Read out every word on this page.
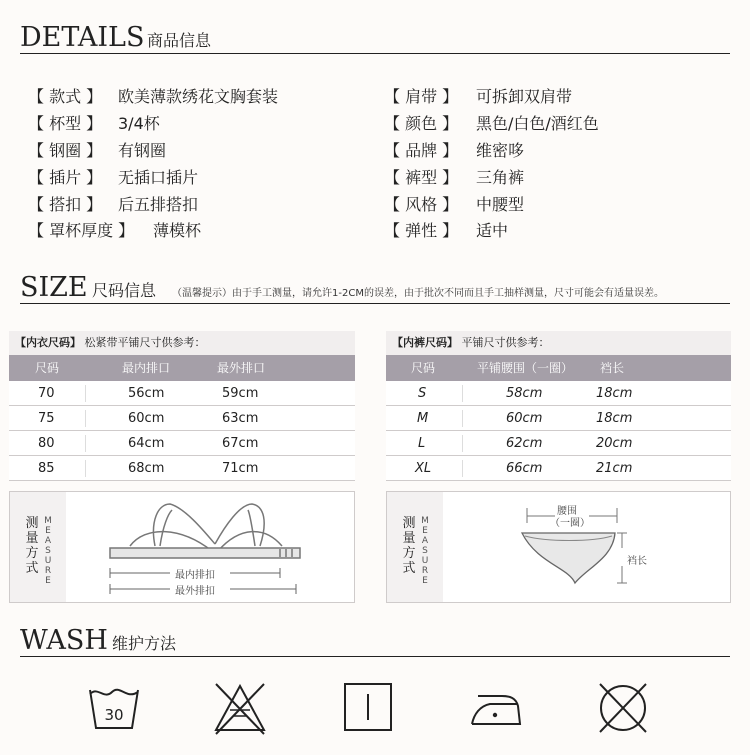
DETAILS 商品信息
【 款式 】 欧美薄款绣花文胸套装
【 杯型 】 3/4杯
【 钢圈 】 有钢圈
【 插片 】 无插口插片
【 搭扣 】 后五排搭扣
【 罩杯厚度 】 薄模杯
【 肩带 】 可拆卸双肩带
【 颜色 】 黑色/白色/酒红色
【 品牌 】 维密哆
【 裤型 】 三角裤
【 风格 】 中腰型
【 弹性 】 适中
SIZE 尺码信息 （温馨提示）由于手工测量，请允许1-2CM的误差，由于批次不同而且手工抽样测量，尺寸可能会有适量误差。
【内衣尺码】 松紧带平铺尺寸供参考：
尺码	最内排口	最外排口
70	56cm	59cm
75	60cm	63cm
80	64cm	67cm
85	68cm	71cm
【内裤尺码】 平铺尺寸供参考：
尺码	平铺腰围（一圈） 裆长
S	58cm	18cm
M	60cm	18cm
L	62cm	20cm
XL	66cm	21cm
测
量
方
式
M
E
A
S
U
R
E	最内排扣
最外排扣
测
量
方
式
M
E
A
S
U
R
E
腰围
（一圈）
裆长
WASH 维护方法
30
